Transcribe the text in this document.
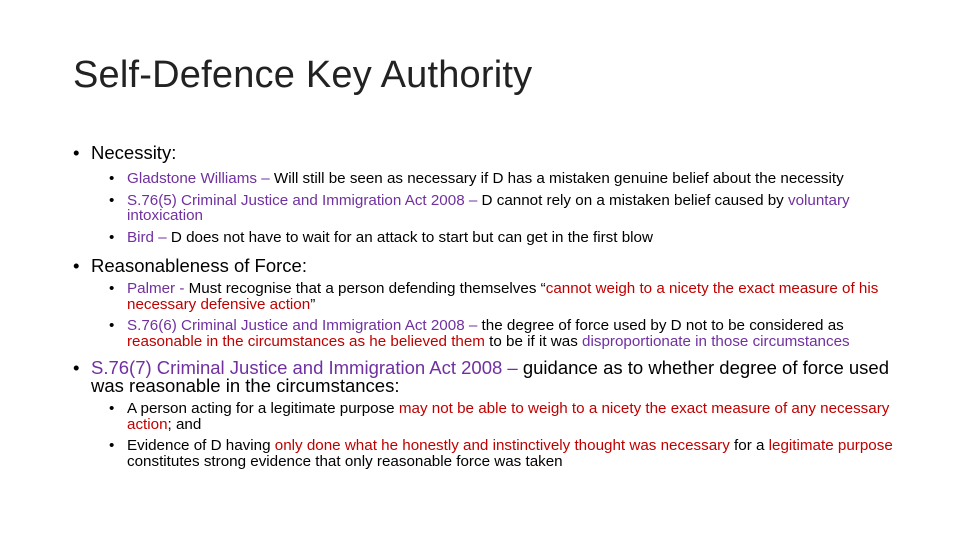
Self-Defence Key Authority
• Necessity:
• Gladstone Williams – Will still be seen as necessary if D has a mistaken genuine belief about the necessity
• S.76(5) Criminal Justice and Immigration Act 2008 – D cannot rely on a mistaken belief caused by voluntary intoxication
• Bird – D does not have to wait for an attack to start but can get in the first blow
• Reasonableness of Force:
• Palmer - Must recognise that a person defending themselves “cannot weigh to a nicety the exact measure of his necessary defensive action”
• S.76(6) Criminal Justice and Immigration Act 2008 – the degree of force used by D not to be considered as reasonable in the circumstances as he believed them to be if it was disproportionate in those circumstances
• S.76(7) Criminal Justice and Immigration Act 2008 – guidance as to whether degree of force used was reasonable in the circumstances:
• A person acting for a legitimate purpose may not be able to weigh to a nicety the exact measure of any necessary action; and
• Evidence of D having only done what he honestly and instinctively thought was necessary for a legitimate purpose constitutes strong evidence that only reasonable force was taken
